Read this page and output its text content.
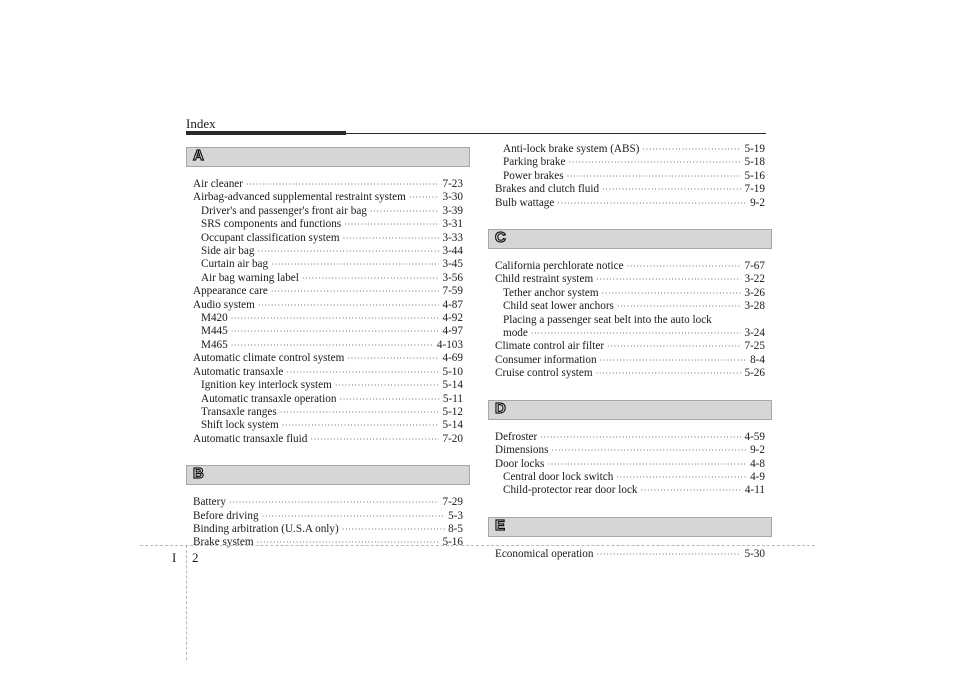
Index
A
Air cleaner ·····	7-23
Airbag-advanced supplemental restraint system ·····	3-30
Driver's and passenger's front air bag ·····	3-39
SRS components and functions ·····	3-31
Occupant classification system ·····	3-33
Side air bag ·····	3-44
Curtain air bag ·····	3-45
Air bag warning label ·····	3-56
Appearance care ·····	7-59
Audio system ·····	4-87
M420 ·····	4-92
M445 ·····	4-97
M465 ·····	4-103
Automatic climate control system ·····	4-69
Automatic transaxle ·····	5-10
Ignition key interlock system ·····	5-14
Automatic transaxle operation ·····	5-11
Transaxle ranges ·····	5-12
Shift lock system ·····	5-14
Automatic transaxle fluid ·····	7-20
B
Battery ·····	7-29
Before driving ·····	5-3
Binding arbitration (U.S.A only) ·····	8-5
Brake system ·····	5-16
Anti-lock brake system (ABS) ·····	5-19
Parking brake ·····	5-18
Power brakes ·····	5-16
Brakes and clutch fluid ·····	7-19
Bulb wattage ·····	9-2
C
California perchlorate notice ·····	7-67
Child restraint system ·····	3-22
Tether anchor system ·····	3-26
Child seat lower anchors ·····	3-28
Placing a passenger seat belt into the auto lock
mode ·····	3-24
Climate control air filter ·····	7-25
Consumer information ·····	8-4
Cruise control system ·····	5-26
D
Defroster ·····	4-59
Dimensions ·····	9-2
Door locks ·····	4-8
Central door lock switch ·····	4-9
Child-protector rear door lock ·····	4-11
E
Economical operation ·····	5-30
I 2
